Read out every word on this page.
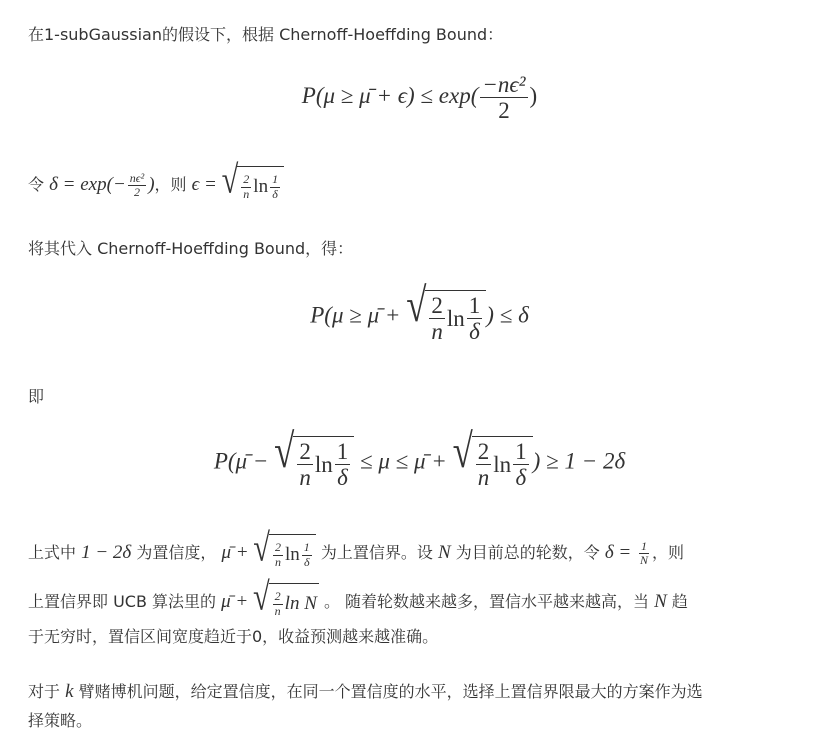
在1-subGaussian的假设下，根据 Chernoff-Hoeffding Bound：
P(μ ≥ μ̄ + $\epsilon) \le \exp( \frac{\text{−nϵ²}}{2}$ )
令 $\delta = \exp(- \frac{\text{nϵ²}}{2}$ )，则 ϵ = √ $\frac{2}{n}$ $\ln \frac{1}{\delta}$
将其代入 Chernoff-Hoeffding Bound，得：
P(μ ≥ μ̄ + √ $\frac{2}{n}$ $\ln \frac{1}{\delta}$ ) ≤ δ
即
P(μ̄ − √ $\frac{2}{n}$ $\ln \frac{1}{\delta} \le \mu$ ≤ μ̄ + √ $\frac{2}{n}$ $\ln \frac{1}{\delta}$ ) ≥ 1 − 2δ
上式中 1 − 2δ 为置信度， μ̄ + √ $\frac{2}{n}$ $\ln \frac{1}{\delta}$ 为上置信界。设 N 为目前总的轮数，令 $\delta = \frac{1}{N}$ ，则
上置信界即 UCB 算法里的 μ̄ + √ $\frac{2}{n}$ ln N 。 随着轮数越来越多，置信水平越来越高，当 N 趋
于无穷时，置信区间宽度趋近于0，收益预测越来越准确。
对于 k 臂赌博机问题，给定置信度，在同一个置信度的水平，选择上置信界限最大的方案作为选
择策略。
